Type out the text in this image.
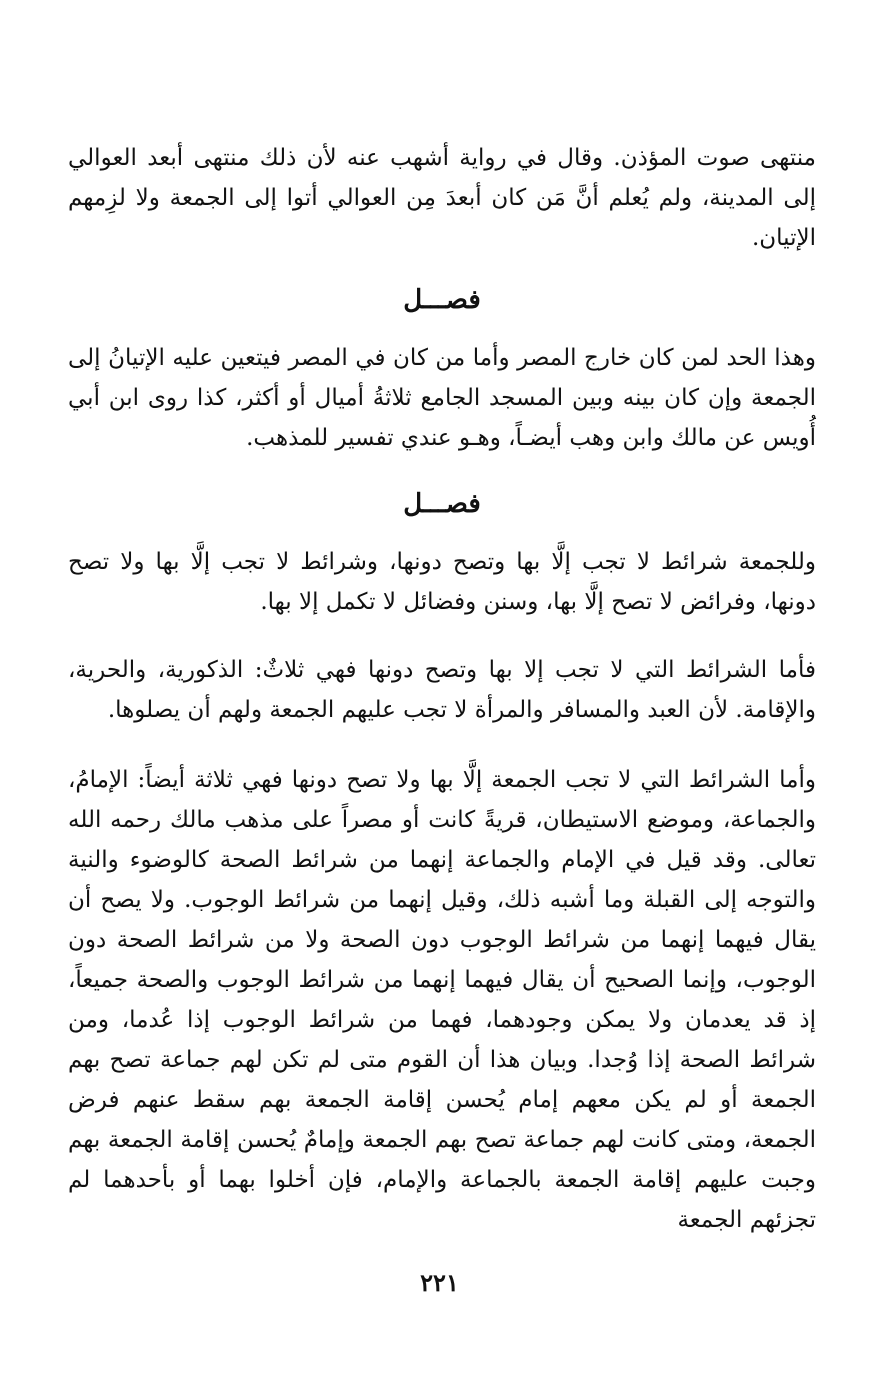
منتهى صوت المؤذن. وقال في رواية أشهب عنه لأن ذلك منتهى أبعد العوالي إلى المدينة، ولم يُعلم أنَّ مَن كان أبعدَ مِن العوالي أتوا إلى الجمعة ولا لزِمهم الإتيان.

فصـــل

وهذا الحد لمن كان خارج المصر وأما من كان في المصر فيتعين عليه الإتيانُ إلى الجمعة وإن كان بينه وبين المسجد الجامع ثلاثةُ أميال أو أكثر، كذا روى ابن أبي أُويس عن مالك وابن وهب أيضـاً، وهـو عندي تفسير للمذهب.

فصـــل

وللجمعة شرائط لا تجب إلَّا بها وتصح دونها، وشرائط لا تجب إلَّا بها ولا تصح دونها، وفرائض لا تصح إلَّا بها، وسنن وفضائل لا تكمل إلا بها.

فأما الشرائط التي لا تجب إلا بها وتصح دونها فهي ثلاثٌ: الذكورية، والحرية، والإقامة. لأن العبد والمسافر والمرأة لا تجب عليهم الجمعة ولهم أن يصلوها.

وأما الشرائط التي لا تجب الجمعة إلَّا بها ولا تصح دونها فهي ثلاثة أيضاً: الإمامُ، والجماعة، وموضع الاستيطان، قريةً كانت أو مصراً على مذهب مالك رحمه الله تعالى. وقد قيل في الإمام والجماعة إنهما من شرائط الصحة كالوضوء والنية والتوجه إلى القبلة وما أشبه ذلك، وقيل إنهما من شرائط الوجوب. ولا يصح أن يقال فيهما إنهما من شرائط الوجوب دون الصحة ولا من شرائط الصحة دون الوجوب، وإنما الصحيح أن يقال فيهما إنهما من شرائط الوجوب والصحة جميعاً، إذ قد يعدمان ولا يمكن وجودهما، فهما من شرائط الوجوب إذا عُدما، ومن شرائط الصحة إذا وُجدا. وبيان هذا أن القوم متى لم تكن لهم جماعة تصح بهم الجمعة أو لم يكن معهم إمام يُحسن إقامة الجمعة بهم سقط عنهم فرض الجمعة، ومتى كانت لهم جماعة تصح بهم الجمعة وإمامٌ يُحسن إقامة الجمعة بهم وجبت عليهم إقامة الجمعة بالجماعة والإمام، فإن أخلوا بهما أو بأحدهما لم تجزئهم الجمعة

٢٢١
